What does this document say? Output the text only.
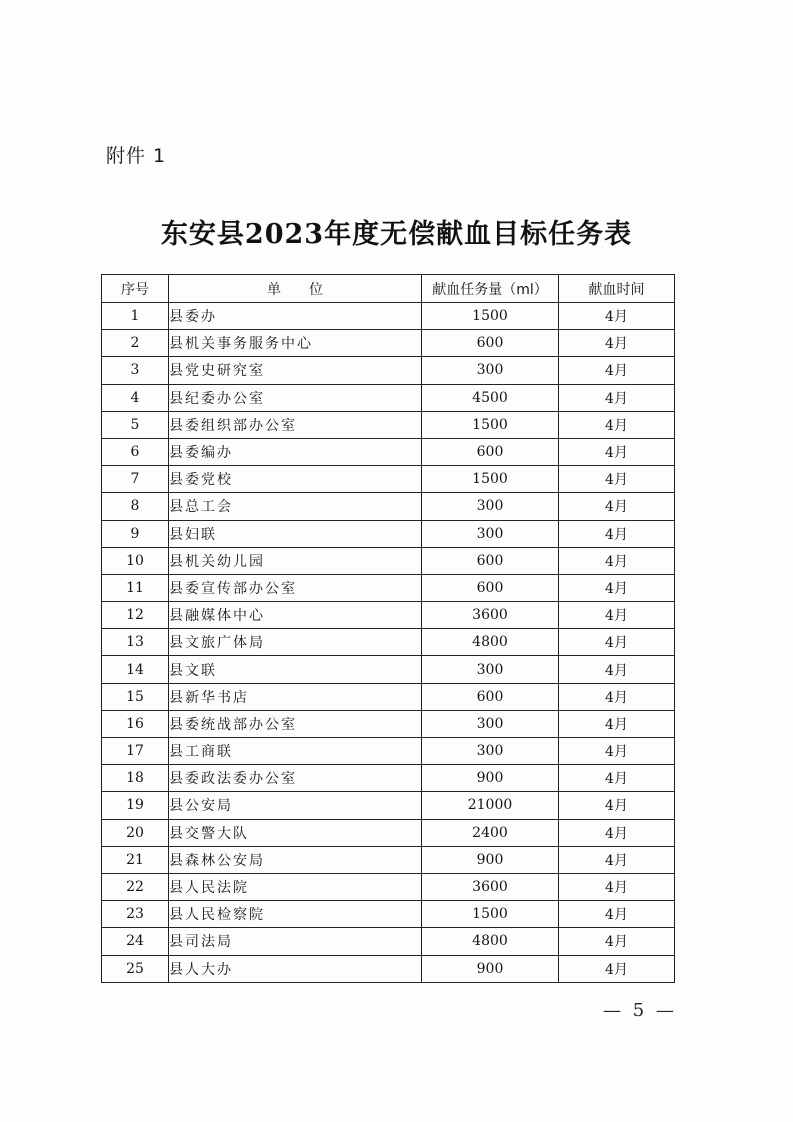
附件 1
东安县2023年度无偿献血目标任务表
序号	单位	献血任务量（ml）	献血时间
1	县委办	1500	4月
2	县机关事务服务中心	600	4月
3	县党史研究室	300	4月
4	县纪委办公室	4500	4月
5	县委组织部办公室	1500	4月
6	县委编办	600	4月
7	县委党校	1500	4月
8	县总工会	300	4月
9	县妇联	300	4月
10	县机关幼儿园	600	4月
11	县委宣传部办公室	600	4月
12	县融媒体中心	3600	4月
13	县文旅广体局	4800	4月
14	县文联	300	4月
15	县新华书店	600	4月
16	县委统战部办公室	300	4月
17	县工商联	300	4月
18	县委政法委办公室	900	4月
19	县公安局	21000	4月
20	县交警大队	2400	4月
21	县森林公安局	900	4月
22	县人民法院	3600	4月
23	县人民检察院	1500	4月
24	县司法局	4800	4月
25	县人大办	900	4月
— 5 —
